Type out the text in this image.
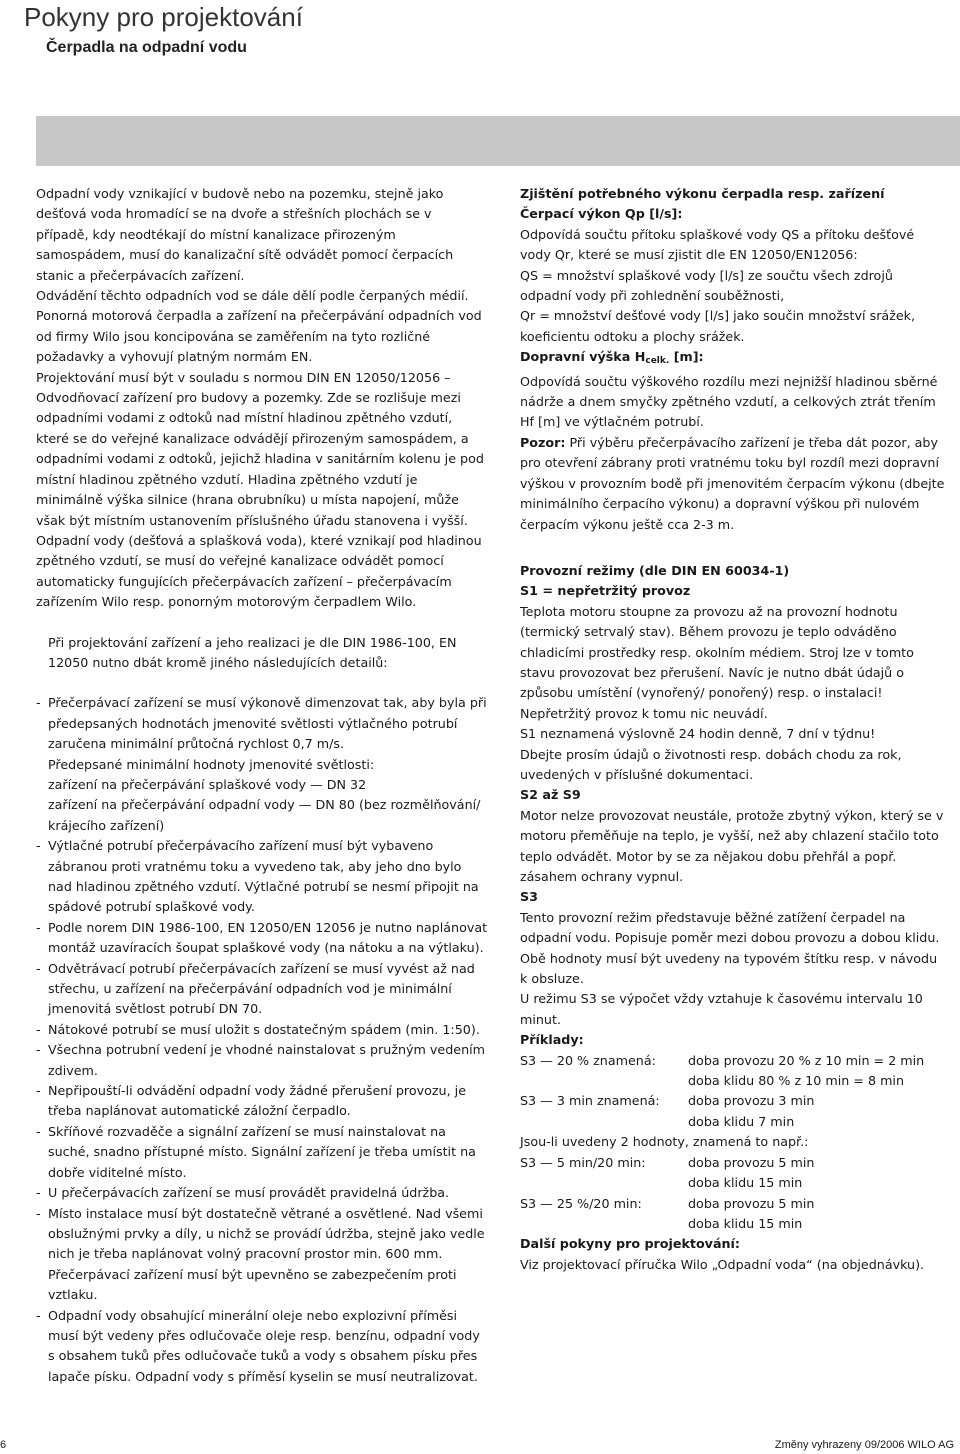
Pokyny pro projektování
Čerpadla na odpadní vodu

Odpadní vody vznikající v budově nebo na pozemku, stejně jako dešťová voda hromadící se na dvoře a střešních plochách se v případě, kdy neodtékají do místní kanalizace přirozeným samospádem, musí do kanalizační sítě odvádět pomocí čerpacích stanic a přečerpávacích zařízení.

Odvádění těchto odpadních vod se dále dělí podle čerpaných médií.

Ponorná motorová čerpadla a zařízení na přečerpávání odpadních vod od firmy Wilo jsou koncipována se zaměřením na tyto rozličné požadavky a vyhovují platným normám EN.

Projektování musí být v souladu s normou DIN EN 12050/12056 – Odvodňovací zařízení pro budovy a pozemky. Zde se rozlišuje mezi odpadními vodami z odtoků nad místní hladinou zpětného vzdutí, které se do veřejné kanalizace odvádějí přirozeným samospádem, a odpadními vodami z odtoků, jejichž hladina v sanitárním kolenu je pod místní hladinou zpětného vzdutí. Hladina zpětného vzdutí je minimálně výška silnice (hrana obrubníku) u místa napojení, může však být místním ustanovením příslušného úřadu stanovena i vyšší.

Odpadní vody (dešťová a splašková voda), které vznikají pod hladinou zpětného vzdutí, se musí do veřejné kanalizace odvádět pomocí automaticky fungujících přečerpávacích zařízení – přečerpávacím zařízením Wilo resp. ponorným motorovým čerpadlem Wilo.

Při projektování zařízení a jeho realizaci je dle DIN 1986-100, EN 12050 nutno dbát kromě jiného následujících detailů:

- Přečerpávací zařízení se musí výkonově dimenzovat tak, aby byla při předepsaných hodnotách jmenovité světlosti výtlačného potrubí zaručena minimální průtočná rychlost 0,7 m/s.
Předepsané minimální hodnoty jmenovité světlosti:
zařízení na přečerpávání splaškové vody — DN 32
zařízení na přečerpávání odpadní vody — DN 80 (bez rozmělňování/ krájecího zařízení)
- Výtlačné potrubí přečerpávacího zařízení musí být vybaveno zábranou proti vratnému toku a vyvedeno tak, aby jeho dno bylo nad hladinou zpětného vzdutí. Výtlačné potrubí se nesmí připojit na spádové potrubí splaškové vody.
- Podle norem DIN 1986-100, EN 12050/EN 12056 je nutno naplánovat montáž uzavíracích šoupat splaškové vody (na nátoku a na výtlaku).
- Odvětrávací potrubí přečerpávacích zařízení se musí vyvést až nad střechu, u zařízení na přečerpávání odpadních vod je minimální jmenovitá světlost potrubí DN 70.
- Nátokové potrubí se musí uložit s dostatečným spádem (min. 1:50).
- Všechna potrubní vedení je vhodné nainstalovat s pružným vedením zdivem.
- Nepřipouští-li odvádění odpadní vody žádné přerušení provozu, je třeba naplánovat automatické záložní čerpadlo.
- Skříňové rozvaděče a signální zařízení se musí nainstalovat na suché, snadno přístupné místo. Signální zařízení je třeba umístit na dobře viditelné místo.
- U přečerpávacích zařízení se musí provádět pravidelná údržba.
- Místo instalace musí být dostatečně větrané a osvětlené. Nad všemi obslužnými prvky a díly, u nichž se provádí údržba, stejně jako vedle nich je třeba naplánovat volný pracovní prostor min. 600 mm.
Přečerpávací zařízení musí být upevněno se zabezpečením proti vztlaku.
- Odpadní vody obsahující minerální oleje nebo explozivní příměsi musí být vedeny přes odlučovače oleje resp. benzínu, odpadní vody s obsahem tuků přes odlučovače tuků a vody s obsahem písku přes lapače písku. Odpadní vody s příměsí kyselin se musí neutralizovat.

Zjištění potřebného výkonu čerpadla resp. zařízení

Čerpací výkon Qp [l/s]:

Odpovídá součtu přítoku splaškové vody QS a přítoku dešťové vody Qr, které se musí zjistit dle EN 12050/EN12056:

QS = množství splaškové vody [l/s] ze součtu všech zdrojů odpadní vody při zohlednění souběžnosti,

Qr = množství dešťové vody [l/s] jako součin množství srážek, koeficientu odtoku a plochy srážek.

Dopravní výška $H_{celk.}$ [m]:

Odpovídá součtu výškového rozdílu mezi nejnižší hladinou sběrné nádrže a dnem smyčky zpětného vzdutí, a celkových ztrát třením Hf [m] ve výtlačném potrubí.

Pozor: Při výběru přečerpávacího zařízení je třeba dát pozor, aby pro otevření zábrany proti vratnému toku byl rozdíl mezi dopravní výškou v provozním bodě při jmenovitém čerpacím výkonu (dbejte minimálního čerpacího výkonu) a dopravní výškou při nulovém čerpacím výkonu ještě cca 2-3 m.

Provozní režimy (dle DIN EN 60034-1)

S1 = nepřetržitý provoz

Teplota motoru stoupne za provozu až na provozní hodnotu (termický setrvalý stav). Během provozu je teplo odváděno chladicími prostředky resp. okolním médiem. Stroj lze v tomto stavu provozovat bez přerušení. Navíc je nutno dbát údajů o způsobu umístění (vynořený/ ponořený) resp. o instalaci! Nepřetržitý provoz k tomu nic neuvádí.

S1 neznamená výslovně 24 hodin denně, 7 dní v týdnu!

Dbejte prosím údajů o životnosti resp. dobách chodu za rok, uvedených v příslušné dokumentaci.

S2 až S9

Motor nelze provozovat neustále, protože zbytný výkon, který se v motoru přeměňuje na teplo, je vyšší, než aby chlazení stačilo toto teplo odvádět. Motor by se za nějakou dobu přehřál a popř. zásahem ochrany vypnul.

S3

Tento provozní režim představuje běžné zatížení čerpadel na odpadní vodu. Popisuje poměr mezi dobou provozu a dobou klidu. Obě hodnoty musí být uvedeny na typovém štítku resp. v návodu k obsluze.

U režimu S3 se výpočet vždy vztahuje k časovému intervalu 10 minut.

Příklady:

S3 — 20 % znamená:	doba provozu 20 % z 10 min = 2 min
doba klidu 80 % z 10 min = 8 min
S3 — 3 min znamená:	doba provozu 3 min
doba klidu 7 min

Jsou-li uvedeny 2 hodnoty, znamená to např.:

S3 — 5 min/20 min:	doba provozu 5 min
doba klidu 15 min
S3 — 25 %/20 min:	doba provozu 5 min
doba klidu 15 min

Další pokyny pro projektování:

Viz projektovací příručka Wilo „Odpadní voda“ (na objednávku).

6	Změny vyhrazeny 09/2006 WILO AG
